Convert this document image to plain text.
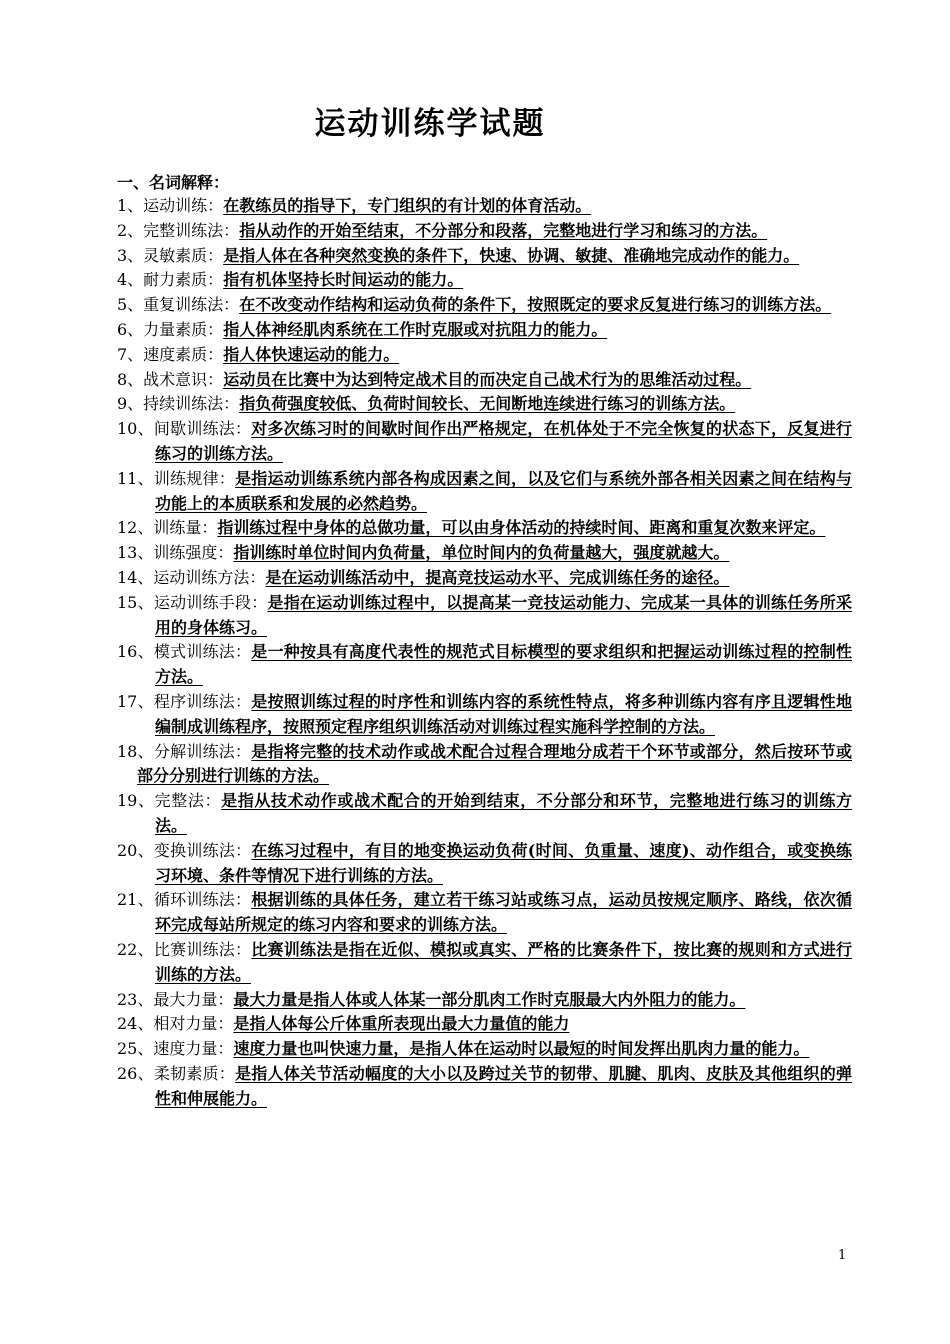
运动训练学试题
一、名词解释：

1、运动训练：在教练员的指导下，专门组织的有计划的体育活动。

2、完整训练法：指从动作的开始至结束，不分部分和段落，完整地进行学习和练习的方法。

3、灵敏素质：是指人体在各种突然变换的条件下，快速、协调、敏捷、准确地完成动作的能力。

4、耐力素质：指有机体坚持长时间运动的能力。

5、重复训练法：在不改变动作结构和运动负荷的条件下，按照既定的要求反复进行练习的训练方法。

6、力量素质：指人体神经肌肉系统在工作时克服或对抗阻力的能力。

7、速度素质：指人体快速运动的能力。

8、战术意识：运动员在比赛中为达到特定战术目的而决定自己战术行为的思维活动过程。

9、持续训练法：指负荷强度较低、负荷时间较长、无间断地连续进行练习的训练方法。

10、间歇训练法：对多次练习时的间歇时间作出严格规定，在机体处于不完全恢复的状态下，反复进行练习的训练方法。

11、训练规律：是指运动训练系统内部各构成因素之间，以及它们与系统外部各相关因素之间在结构与功能上的本质联系和发展的必然趋势。

12、训练量：指训练过程中身体的总做功量，可以由身体活动的持续时间、距离和重复次数来评定。

13、训练强度：指训练时单位时间内负荷量，单位时间内的负荷量越大，强度就越大。

14、运动训练方法：是在运动训练活动中，提高竞技运动水平、完成训练任务的途径。

15、运动训练手段：是指在运动训练过程中，以提高某一竞技运动能力、完成某一具体的训练任务所采用的身体练习。

16、模式训练法：是一种按具有高度代表性的规范式目标模型的要求组织和把握运动训练过程的控制性方法。

17、程序训练法：是按照训练过程的时序性和训练内容的系统性特点，将多种训练内容有序且逻辑性地编制成训练程序，按照预定程序组织训练活动对训练过程实施科学控制的方法。

18、分解训练法：是指将完整的技术动作或战术配合过程合理地分成若干个环节或部分，然后按环节或部分分别进行训练的方法。

19、完整法：是指从技术动作或战术配合的开始到结束，不分部分和环节，完整地进行练习的训练方法。

20、变换训练法：在练习过程中，有目的地变换运动负荷(时间、负重量、速度)、动作组合，或变换练习环境、条件等情况下进行训练的方法。

21、循环训练法：根据训练的具体任务，建立若干练习站或练习点，运动员按规定顺序、路线，依次循环完成每站所规定的练习内容和要求的训练方法。

22、比赛训练法：比赛训练法是指在近似、模拟或真实、严格的比赛条件下，按比赛的规则和方式进行训练的方法。

23、最大力量：最大力量是指人体或人体某一部分肌肉工作时克服最大内外阻力的能力。

24、相对力量：是指人体每公斤体重所表现出最大力量值的能力

25、速度力量：速度力量也叫快速力量，是指人体在运动时以最短的时间发挥出肌肉力量的能力。

26、柔韧素质：是指人体关节活动幅度的大小以及跨过关节的韧带、肌腱、肌肉、皮肤及其他组织的弹性和伸展能力。

1
